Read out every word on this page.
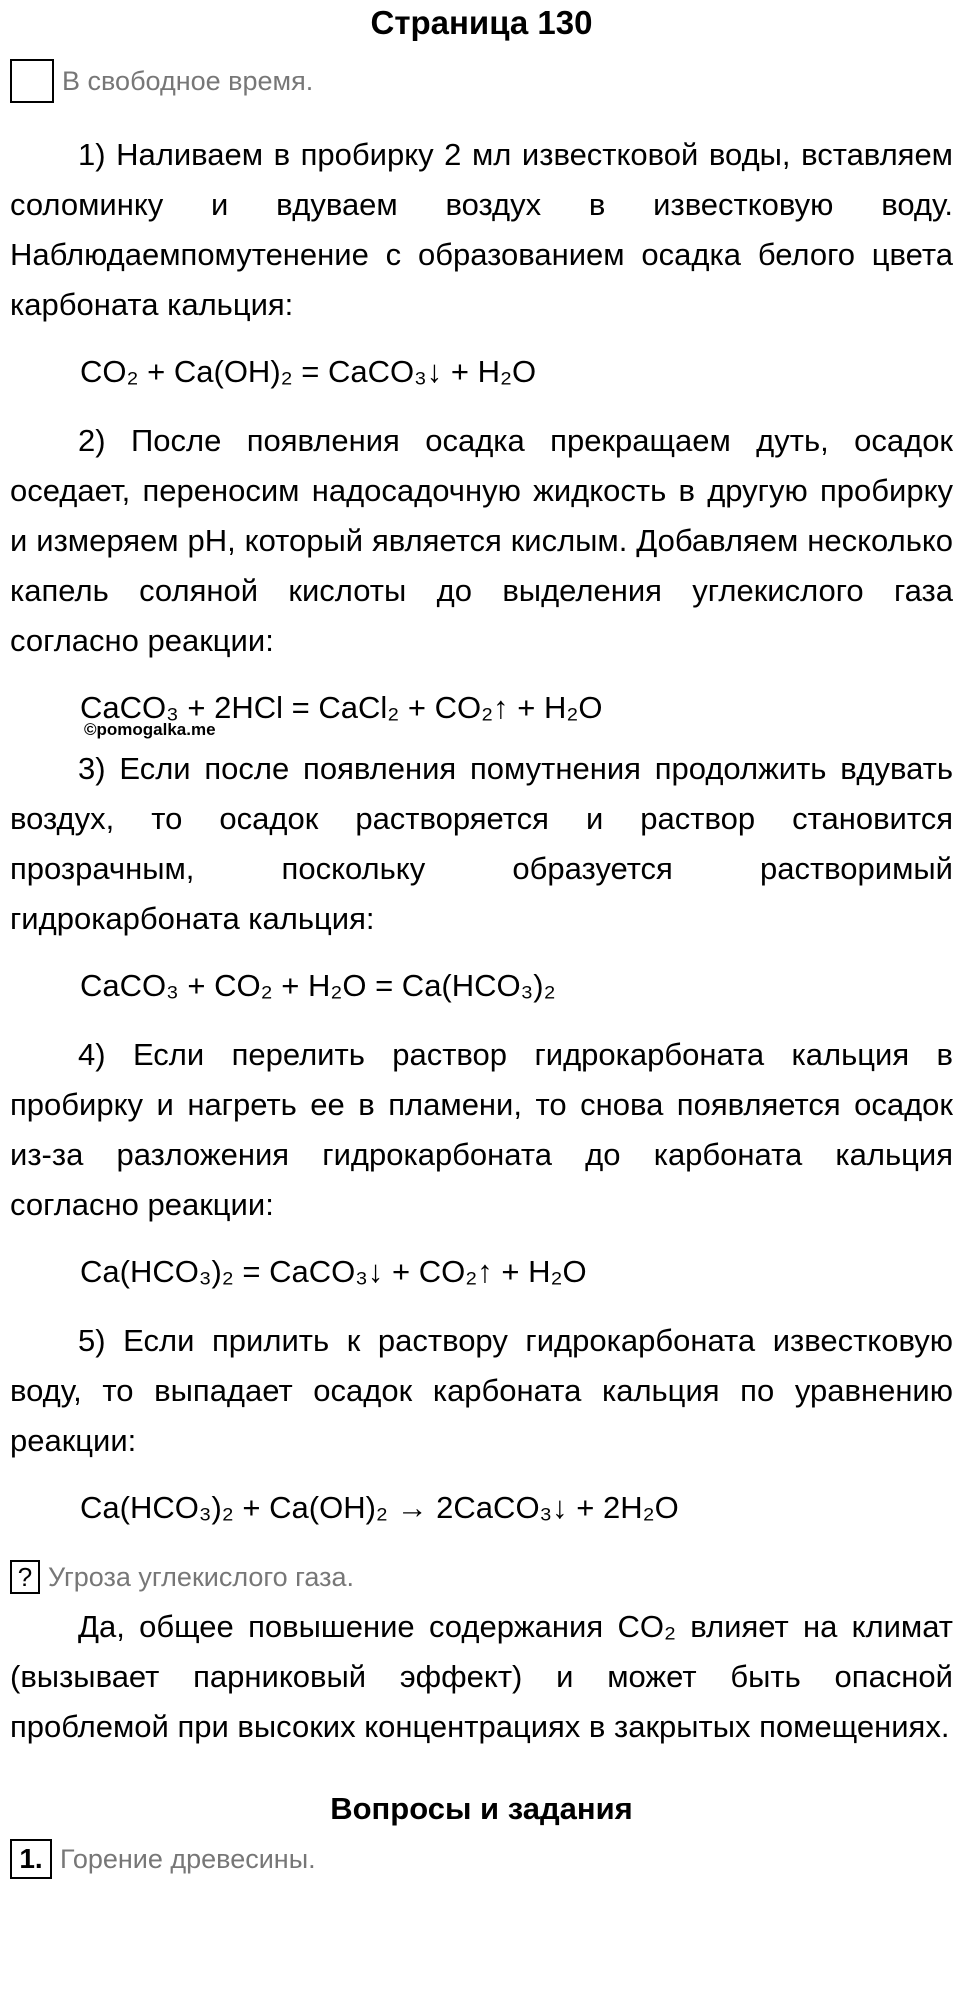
Страница 130
В свободное время.

1) Наливаем в пробирку 2 мл известковой воды, вставляем соломинку и вдуваем воздух в известковую воду. Наблюдаемпомутенение с образованием осадка белого цвета карбоната кальция:

CO₂ + Ca(OH)₂ = CaCO₃↓ + H₂O

2) После появления осадка прекращаем дуть, осадок оседает, переносим надосадочную жидкость в другую пробирку и измеряем pH, который является кислым. Добавляем несколько капель соляной кислоты до выделения углекислого газа согласно реакции:

CaCO₃ + 2HCl = CaCl₂ + CO₂↑ + H₂O
©pomogalka.me

3) Если после появления помутнения продолжить вдувать воздух, то осадок растворяется и раствор становится прозрачным, поскольку образуется растворимый гидрокарбоната кальция:

CaCO₃ + CO₂ + H₂O = Ca(HCO₃)₂

4) Если перелить раствор гидрокарбоната кальция в пробирку и нагреть ее в пламени, то снова появляется осадок из-за разложения гидрокарбоната до карбоната кальция согласно реакции:

Ca(HCO₃)₂ = CaCO₃↓ + CO₂↑ + H₂O

5) Если прилить к раствору гидрокарбоната известковую воду, то выпадает осадок карбоната кальция по уравнению реакции:

Ca(HCO₃)₂ + Ca(OH)₂ → 2CaCO₃↓ + 2H₂O
? Угроза углекислого газа.

Да, общее повышение содержания CO₂ влияет на климат (вызывает парниковый эффект) и может быть опасной проблемой при высоких концентрациях в закрытых помещениях.

Вопросы и задания
1. Горение древесины.
